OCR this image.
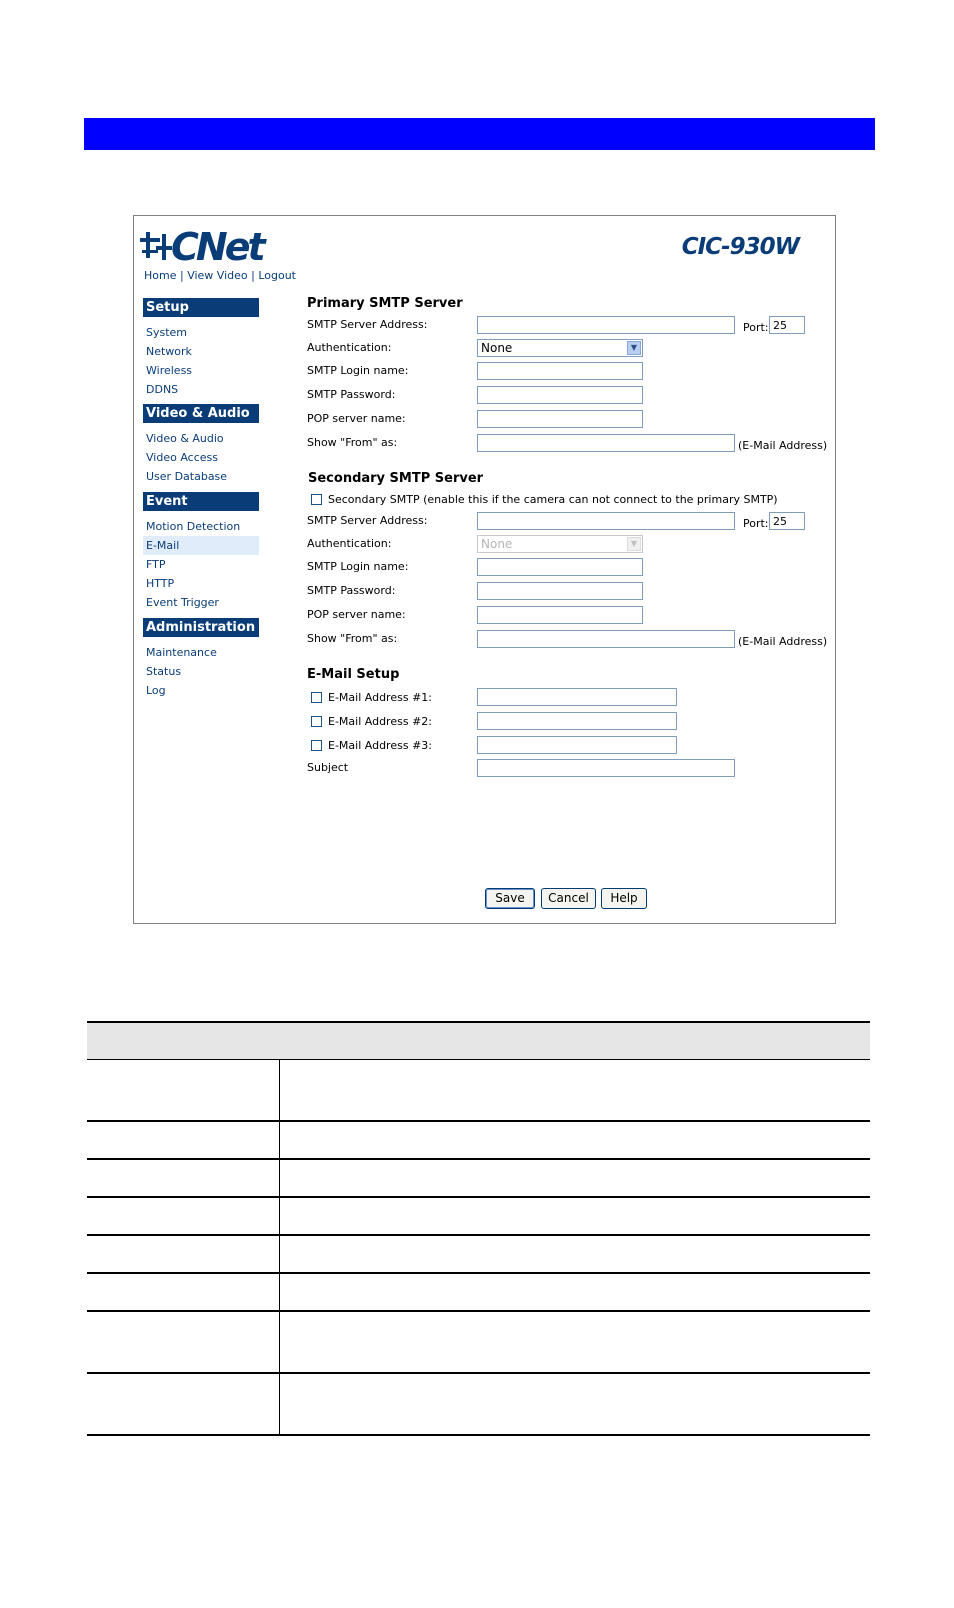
CNet
Home | View Video | Logout
CIC-930W
Setup
System
Network
Wireless
DDNS
Video & Audio
Video & Audio
Video Access
User Database
Event
Motion Detection
E-Mail
FTP
HTTP
Event Trigger
Administration
Maintenance
Status
Log
Primary SMTP Server
SMTP Server Address:	Port:
25
Authentication:	None	▼
SMTP Login name:
SMTP Password:
POP server name:
Show "From" as:	(E-Mail Address)
Secondary SMTP Server
Secondary SMTP (enable this if the camera can not connect to the primary SMTP)
SMTP Server Address:	Port:
25
Authentication:	None	▼
SMTP Login name:
SMTP Password:
POP server name:
Show "From" as:	(E-Mail Address)
E-Mail Setup
E-Mail Address #1:
E-Mail Address #2:
E-Mail Address #3:
Subject
Save	Cancel	Help
